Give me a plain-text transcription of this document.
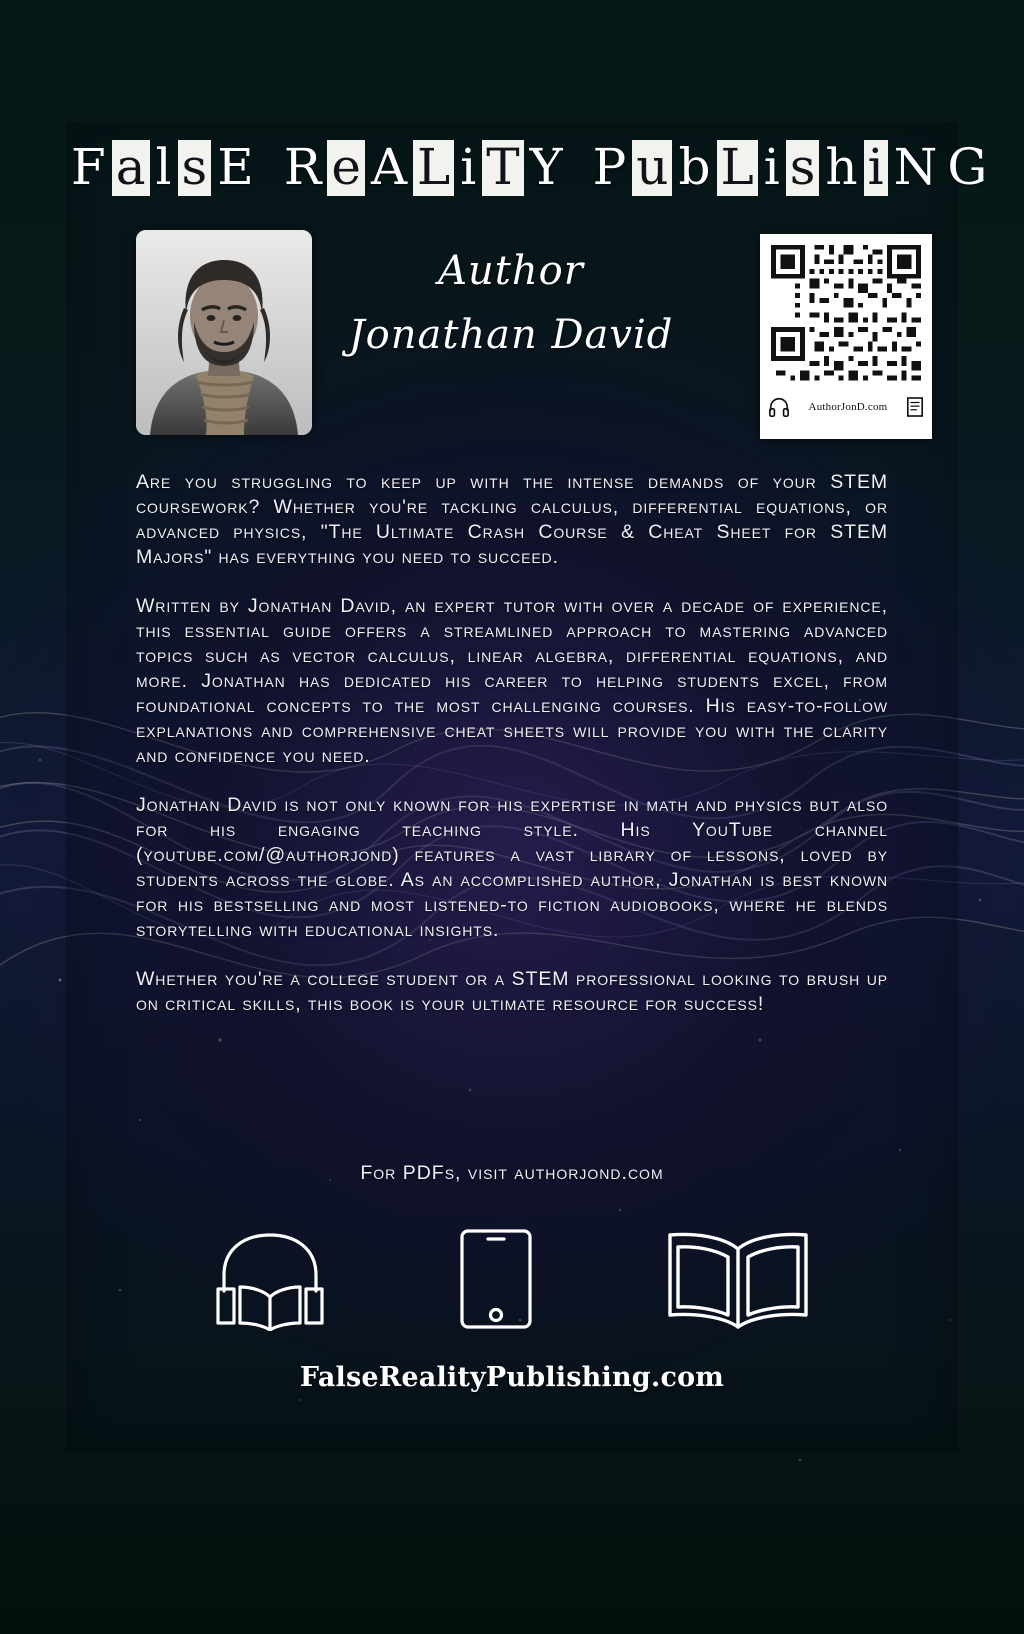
F a l s E R e A L i T Y P u b L i s h i N G
Author
Jonathan David
AuthorJonD.com

Are you struggling to keep up with the intense demands of your STEM coursework? Whether you're tackling calculus, differential equations, or advanced physics, "The Ultimate Crash Course & Cheat Sheet for STEM Majors" has everything you need to succeed.

Written by Jonathan David, an expert tutor with over a decade of experience, this essential guide offers a streamlined approach to mastering advanced topics such as vector calculus, linear algebra, differential equations, and more. Jonathan has dedicated his career to helping students excel, from foundational concepts to the most challenging courses. His easy-to-follow explanations and comprehensive cheat sheets will provide you with the clarity and confidence you need.

Jonathan David is not only known for his expertise in math and physics but also for his engaging teaching style. His YouTube channel (youtube.com/@authorjond) features a vast library of lessons, loved by students across the globe. As an accomplished author, Jonathan is best known for his bestselling and most listened-to fiction audiobooks, where he blends storytelling with educational insights.

Whether you're a college student or a STEM professional looking to brush up on critical skills, this book is your ultimate resource for success!

For PDFs, visit authorjond.com
FalseRealityPublishing.com
